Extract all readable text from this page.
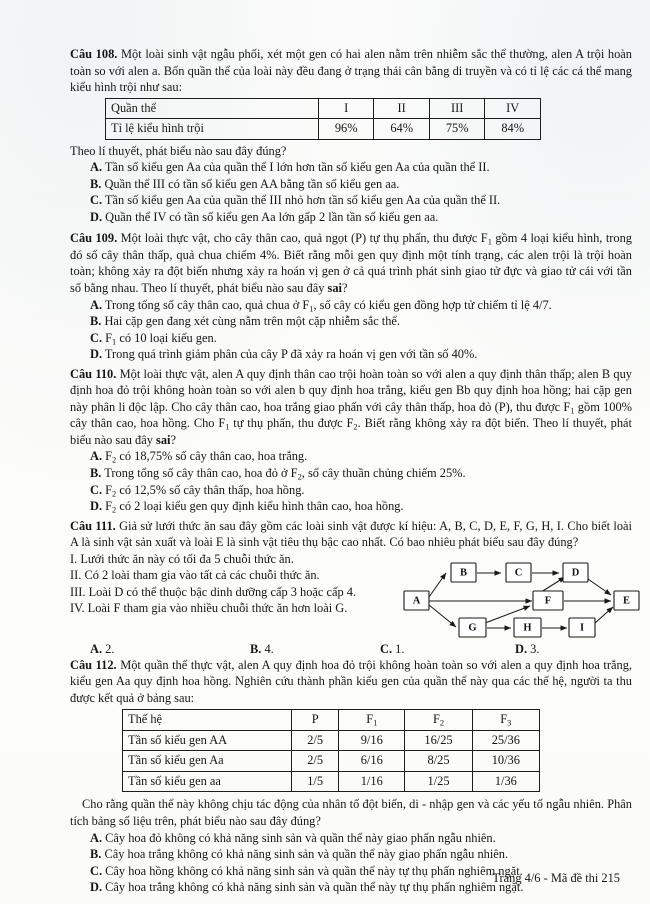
Câu 108. Một loài sinh vật ngẫu phối, xét một gen có hai alen nằm trên nhiễm sắc thể thường, alen A trội hoàn toàn so với alen a. Bốn quần thể của loài này đều đang ở trạng thái cân bằng di truyền và có tỉ lệ các cá thể mang kiểu hình trội như sau:
Quần thể	I	II	III	IV
Tỉ lệ kiểu hình trội	96%	64%	75%	84%
Theo lí thuyết, phát biểu nào sau đây đúng?
A. Tần số kiểu gen Aa của quần thể I lớn hơn tần số kiểu gen Aa của quần thể II.
B. Quần thể III có tần số kiểu gen AA bằng tần số kiểu gen aa.
C. Tần số kiểu gen Aa của quần thể III nhỏ hơn tần số kiểu gen Aa của quần thể II.
D. Quần thể IV có tần số kiểu gen Aa lớn gấp 2 lần tần số kiểu gen aa.
Câu 109. Một loài thực vật, cho cây thân cao, quả ngọt (P) tự thụ phấn, thu được $F_1$ gồm 4 loại kiểu hình, trong đó số cây thân thấp, quả chua chiếm 4%. Biết rằng mỗi gen quy định một tính trạng, các alen trội là trội hoàn toàn; không xảy ra đột biến nhưng xảy ra hoán vị gen ở cả quá trình phát sinh giao tử đực và giao tử cái với tần số bằng nhau. Theo lí thuyết, phát biểu nào sau đây sai?
A. Trong tổng số cây thân cao, quả chua ở $F_1$, số cây có kiểu gen đồng hợp tử chiếm tỉ lệ 4/7.
B. Hai cặp gen đang xét cùng nằm trên một cặp nhiễm sắc thể.
C. $F_1$ có 10 loại kiểu gen.
D. Trong quá trình giảm phân của cây P đã xảy ra hoán vị gen với tần số 40%.
Câu 110. Một loài thực vật, alen A quy định thân cao trội hoàn toàn so với alen a quy định thân thấp; alen B quy định hoa đỏ trội không hoàn toàn so với alen b quy định hoa trắng, kiểu gen Bb quy định hoa hồng; hai cặp gen này phân li độc lập. Cho cây thân cao, hoa trắng giao phấn với cây thân thấp, hoa đỏ (P), thu được $F_1$ gồm 100% cây thân cao, hoa hồng. Cho $F_1$ tự thụ phấn, thu được $F_2$. Biết rằng không xảy ra đột biến. Theo lí thuyết, phát biểu nào sau đây sai?
A. $F_2$ có 18,75% số cây thân cao, hoa trắng.
B. Trong tổng số cây thân cao, hoa đỏ ở $F_2$, số cây thuần chủng chiếm 25%.
C. $F_2$ có 12,5% số cây thân thấp, hoa hồng.
D. $F_2$ có 2 loại kiểu gen quy định kiểu hình thân cao, hoa hồng.
Câu 111. Giả sử lưới thức ăn sau đây gồm các loài sinh vật được kí hiệu: A, B, C, D, E, F, G, H, I. Cho biết loài A là sinh vật sản xuất và loài E là sinh vật tiêu thụ bậc cao nhất. Có bao nhiêu phát biểu sau đây đúng?
I. Lưới thức ăn này có tối đa 5 chuỗi thức ăn.
II. Có 2 loài tham gia vào tất cả các chuỗi thức ăn.
III. Loài D có thể thuộc bậc dinh dưỡng cấp 3 hoặc cấp 4.
IV. Loài F tham gia vào nhiều chuỗi thức ăn hơn loài G.
A
B	C	D
E
F
G	H	I
A. 2.	B. 4.	C. 1.	D. 3.
Câu 112. Một quần thể thực vật, alen A quy định hoa đỏ trội không hoàn toàn so với alen a quy định hoa trắng, kiểu gen Aa quy định hoa hồng. Nghiên cứu thành phần kiểu gen của quần thể này qua các thế hệ, người ta thu được kết quả ở bảng sau:
Thế hệ	P	$F_1$	$F_2$	$F_3$
Tần số kiểu gen AA	2/5	9/16	16/25	25/36
Tần số kiểu gen Aa	2/5	6/16	8/25	10/36
Tần số kiểu gen aa	1/5	1/16	1/25	1/36
Cho rằng quần thể này không chịu tác động của nhân tố đột biến, di - nhập gen và các yếu tố ngẫu nhiên. Phân tích bảng số liệu trên, phát biểu nào sau đây đúng?
A. Cây hoa đỏ không có khả năng sinh sản và quần thể này giao phấn ngẫu nhiên.
B. Cây hoa trắng không có khả năng sinh sản và quần thể này giao phấn ngẫu nhiên.
C. Cây hoa hồng không có khả năng sinh sản và quần thể này tự thụ phấn nghiêm ngặt.
D. Cây hoa trắng không có khả năng sinh sản và quần thể này tự thụ phấn nghiêm ngặt.
Trang 4/6 - Mã đề thi 215
